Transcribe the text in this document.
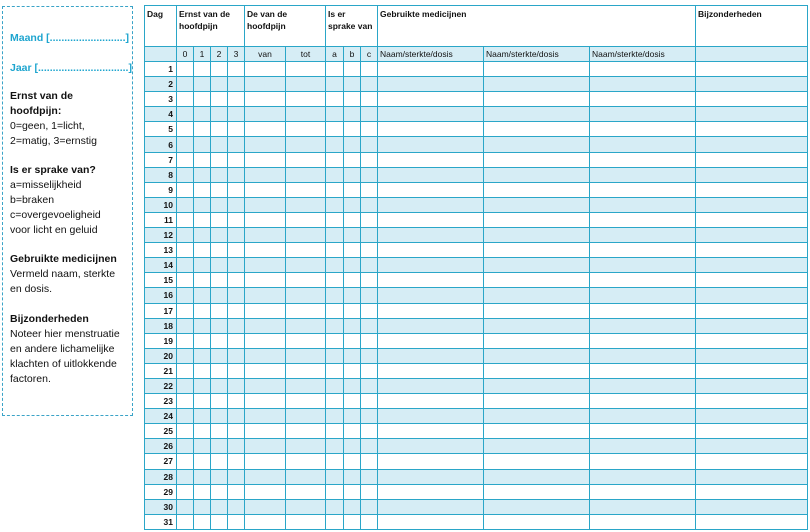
Maand [..........................]
Jaar [...............................]
Ernst van de
hoofdpijn:
0=geen, 1=licht,
2=matig, 3=ernstig
Is er sprake van?
a=misselijkheid
b=braken
c=overgevoeligheid
voor licht en geluid
Gebruikte medicijnen
Vermeld naam, sterkte
en dosis.
Bijzonderheden
Noteer hier menstruatie
en andere lichamelijke
klachten of uitlokkende
factoren.
Dag	Ernst van de hoofdpijn				De van de hoofdpijn		Is er sprake van			Gebruikte medicijnen			Bijzonderheden
	0	1	2	3	van	tot	a	b	c	Naam/sterkte/dosis	Naam/sterkte/dosis	Naam/sterkte/dosis	
1													
2													
3													
4													
5													
6													
7													
8													
9													
10													
11													
12													
13													
14													
15													
16													
17													
18													
19													
20													
21													
22													
23													
24													
25													
26													
27													
28													
29													
30													
31													
